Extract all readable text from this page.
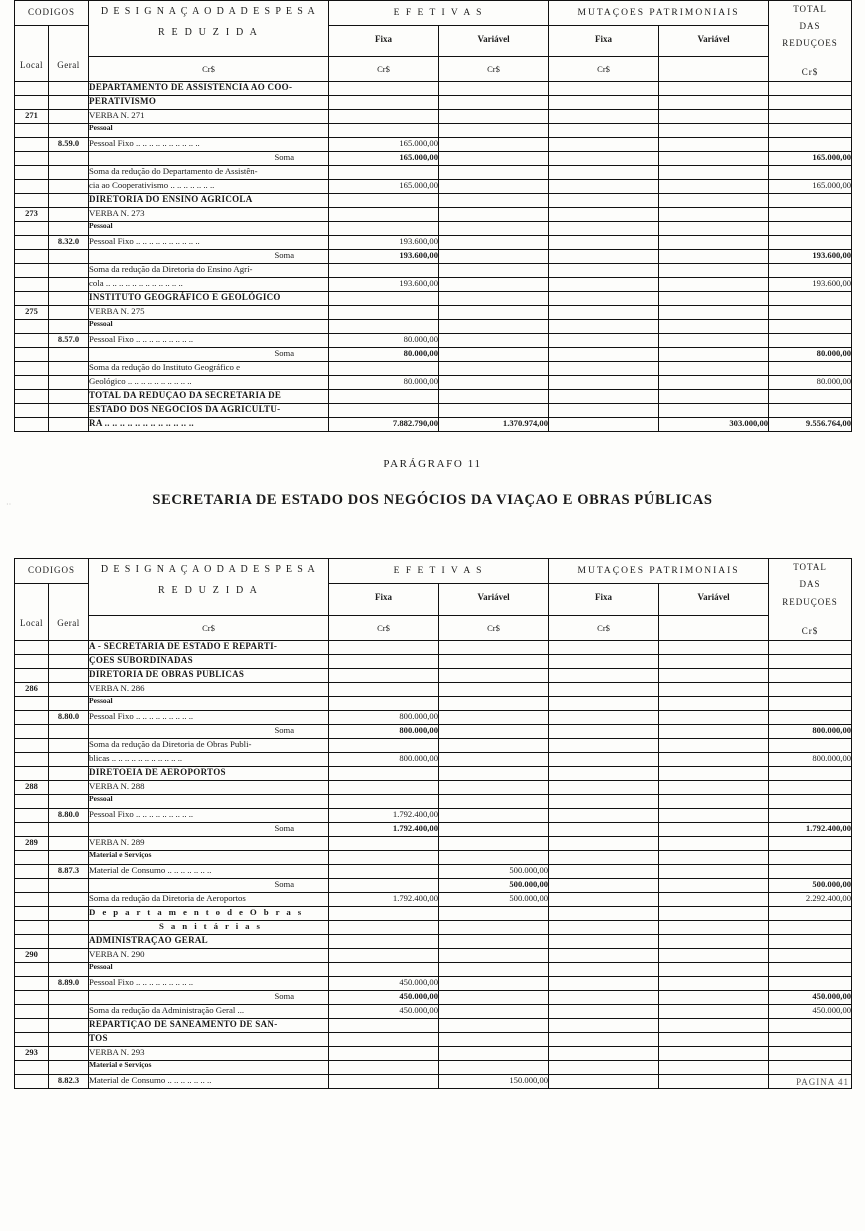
CODIGOS	D E S I G N A Ç A O D A D E S P E S A
R E D U Z I D A
	E F E T I V A S	MUTAÇOES PATRIMONIAIS	TOTAL
DAS
REDUÇOES
Cr$

Local	Geral		Fixa	Variável	Fixa	Variável	
		Cr$	Cr$	Cr$	Cr$		
		DEPARTAMENTO DE ASSISTENCIA AO COO-					
		PERATIVISMO					
271		VERBA N. 271					

		Pessoal					

	8.59.0	Pessoal Fixo .. .. .. .. .. .. .. .. .. ..	165.000,00				

		Soma	165.000,00				165.000,00
		Soma da redução do Departamento de Assistên-					
		cia ao Cooperativismo .. .. .. .. .. .. ..	165.000,00				165.000,00
		DIRETORIA DO ENSINO AGRICOLA					
273		VERBA N. 273					

		Pessoal					

	8.32.0	Pessoal Fixo .. .. .. .. .. .. .. .. .. ..	193.600,00				

		Soma	193.600,00				193.600,00
		Soma da redução da Diretoria do Ensino Agrí-					
		cola .. .. .. .. .. .. .. .. .. .. .. ..	193.600,00				193.600,00
		INSTITUTO GEOGRÁFICO E GEOLÓGICO					
275		VERBA N. 275					

		Pessoal					

	8.57.0	Pessoal Fixo .. .. .. .. .. .. .. .. ..	80.000,00				

		Soma	80.000,00				80.000,00
		Soma da redução do Instituto Geográfico e					
		Geológico .. .. .. .. .. .. .. .. .. ..	80.000,00				80.000,00
		TOTAL DA REDUÇAO DA SECRETARIA DE					
		ESTADO DOS NEGOCIOS DA AGRICULTU-					
		RA .. .. .. .. .. .. .. .. .. .. .. ..	7.882.790,00	1.370.974,00		303.000,00	9.556.764,00
··
PARÁGRAFO 11
SECRETARIA DE ESTADO DOS NEGÓCIOS DA VIAÇAO E OBRAS PÚBLICAS
CODIGOS	D E S I G N A Ç A O D A D E S P E S A
R E D U Z I D A
	E F E T I V A S	MUTAÇOES PATRIMONIAIS	TOTAL
DAS
REDUÇOES
Cr$

Local	Geral		Fixa	Variável	Fixa	Variável	
		Cr$	Cr$	Cr$	Cr$		
		A - SECRETARIA DE ESTADO E REPARTI-					
		ÇOES SUBORDINADAS					
		DIRETORIA DE OBRAS PUBLICAS					
286		VERBA N. 286					

		Pessoal					

	8.80.0	Pessoal Fixo .. .. .. .. .. .. .. .. ..	800.000,00				

		Soma	800.000,00				800.000,00
		Soma da redução da Diretoria de Obras Publi-					
		blicas .. .. .. .. .. .. .. .. .. .. ..	800.000,00				800.000,00
		DIRETOEIA DE AEROPORTOS					
288		VERBA N. 288					

		Pessoal					

	8.80.0	Pessoal Fixo .. .. .. .. .. .. .. .. ..	1.792.400,00				

		Soma	1.792.400,00				1.792.400,00
289		VERBA N. 289					

		Material e Serviços					

	8.87.3	Material de Consumo .. .. .. .. .. .. ..		500.000,00			

		Soma		500.000,00			500.000,00
		Soma da redução da Diretoria de Aeroportos	1.792.400,00	500.000,00			2.292.400,00
		D e p a r t a m e n t o d e O b r a s					
		S a n i t á r i a s					
		ADMINISTRAÇAO GERAL					
290		VERBA N. 290					

		Pessoal					

	8.89.0	Pessoal Fixo .. .. .. .. .. .. .. .. ..	450.000,00				

		Soma	450.000,00				450.000,00
		Soma da redução da Administração Geral ...	450.000,00				450.000,00
		REPARTIÇAO DE SANEAMENTO DE SAN-					
		TOS					
293		VERBA N. 293					

		Material e Serviços					

	8.82.3	Material de Consumo .. .. .. .. .. .. ..		150.000,00				PAGINA 41
